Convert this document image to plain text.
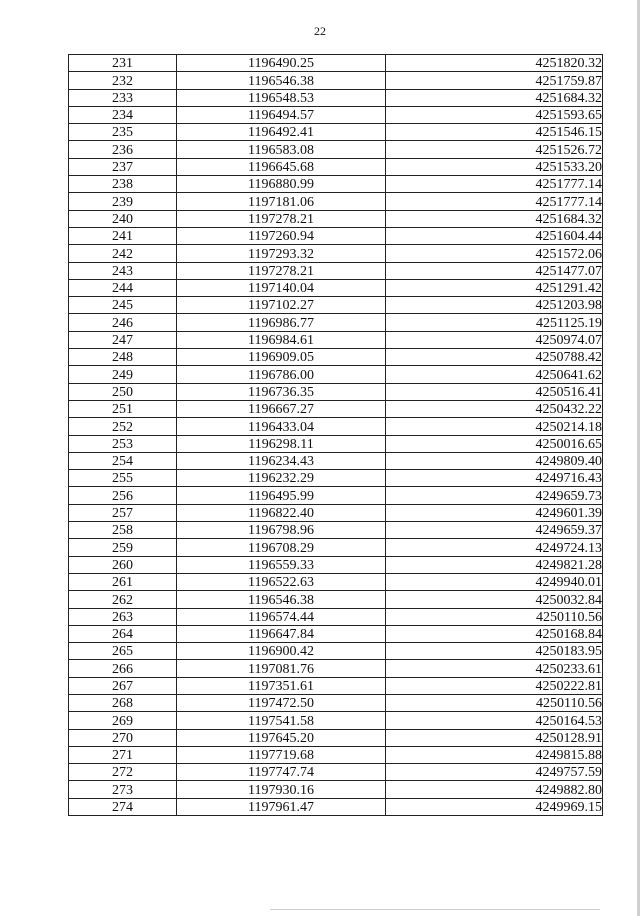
22
231	1196490.25	4251820.32
232	1196546.38	4251759.87
233	1196548.53	4251684.32
234	1196494.57	4251593.65
235	1196492.41	4251546.15
236	1196583.08	4251526.72
237	1196645.68	4251533.20
238	1196880.99	4251777.14
239	1197181.06	4251777.14
240	1197278.21	4251684.32
241	1197260.94	4251604.44
242	1197293.32	4251572.06
243	1197278.21	4251477.07
244	1197140.04	4251291.42
245	1197102.27	4251203.98
246	1196986.77	4251125.19
247	1196984.61	4250974.07
248	1196909.05	4250788.42
249	1196786.00	4250641.62
250	1196736.35	4250516.41
251	1196667.27	4250432.22
252	1196433.04	4250214.18
253	1196298.11	4250016.65
254	1196234.43	4249809.40
255	1196232.29	4249716.43
256	1196495.99	4249659.73
257	1196822.40	4249601.39
258	1196798.96	4249659.37
259	1196708.29	4249724.13
260	1196559.33	4249821.28
261	1196522.63	4249940.01
262	1196546.38	4250032.84
263	1196574.44	4250110.56
264	1196647.84	4250168.84
265	1196900.42	4250183.95
266	1197081.76	4250233.61
267	1197351.61	4250222.81
268	1197472.50	4250110.56
269	1197541.58	4250164.53
270	1197645.20	4250128.91
271	1197719.68	4249815.88
272	1197747.74	4249757.59
273	1197930.16	4249882.80
274	1197961.47	4249969.15
